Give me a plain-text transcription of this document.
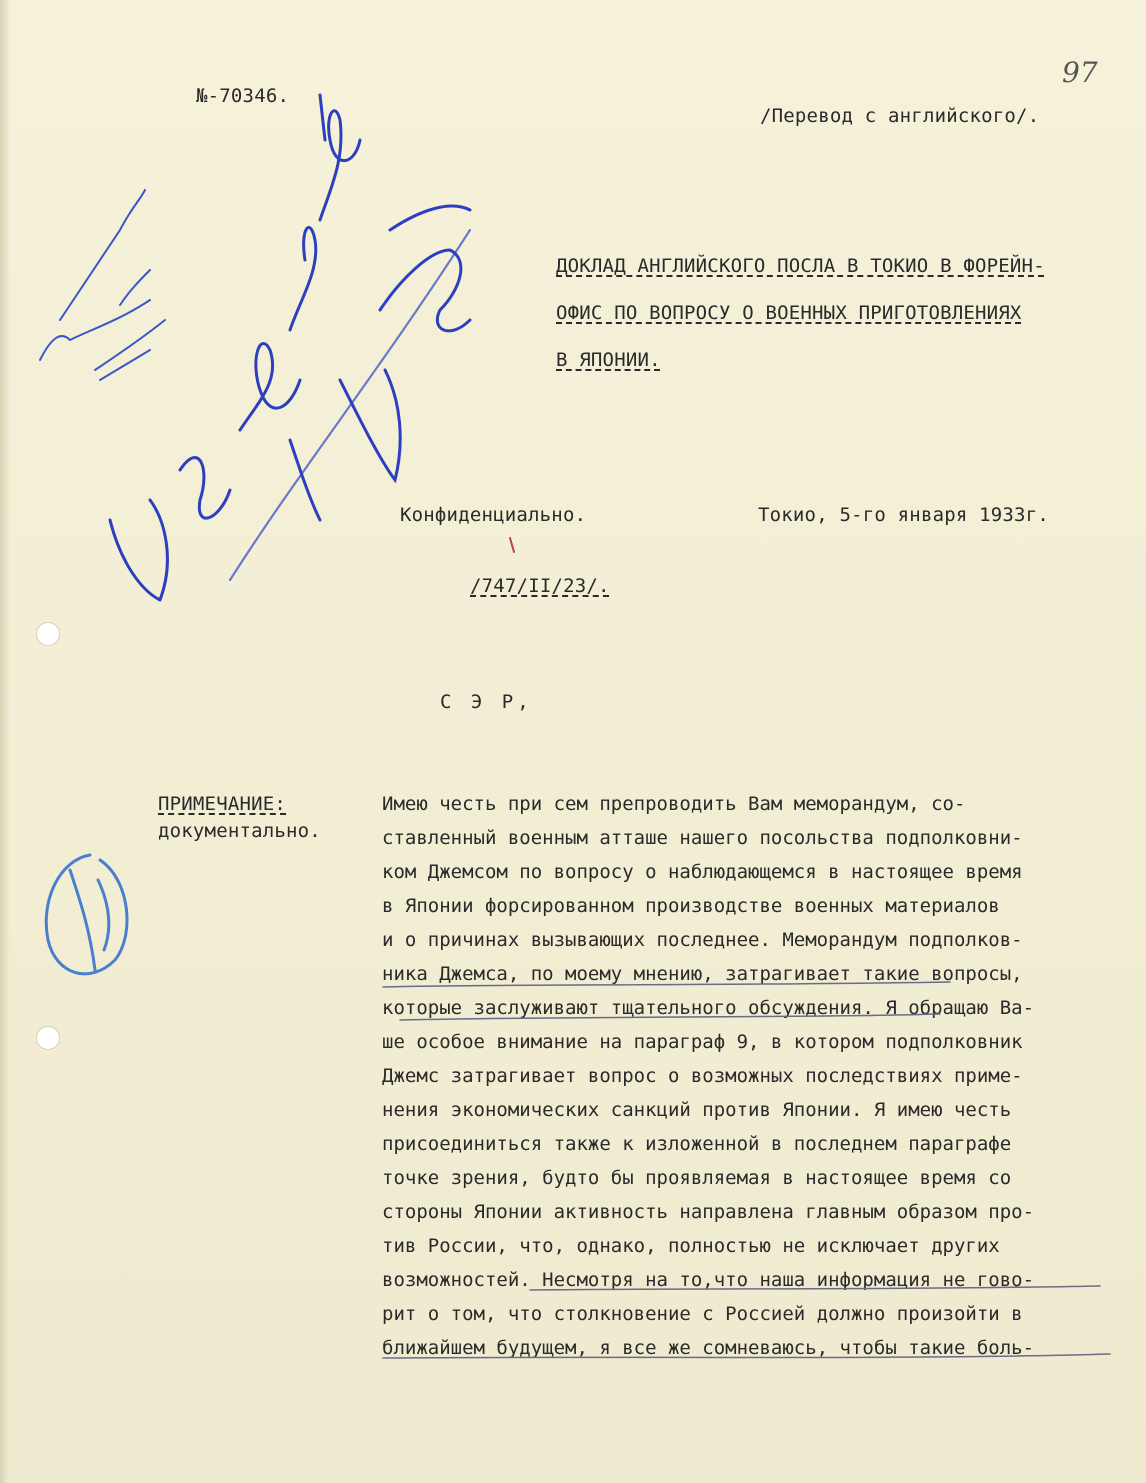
97
№-70346.
/Перевод с английского/.
ДОКЛАД АНГЛИЙСКОГО ПОСЛА В ТОКИО В ФОРЕЙН-
ОФИС ПО ВОПРОСУ О ВОЕННЫХ ПРИГОТОВЛЕНИЯХ
В ЯПОНИИ.
Конфиденциально.	Токио, 5-го января 1933г.
/747/II/23/.
С Э Р,
ПРИМЕЧАНИЕ:
документально.
Имею честь при сем препроводить Вам меморандум, со-
ставленный военным атташе нашего посольства подполковни-
ком Джемсом по вопросу о наблюдающемся в настоящее время
в Японии форсированном производстве военных материалов
и о причинах вызывающих последнее. Меморандум подполков-
ника Джемса, по моему мнению, затрагивает такие вопросы,
которые заслуживают тщательного обсуждения. Я обращаю Ва-
ше особое внимание на параграф 9, в котором подполковник
Джемс затрагивает вопрос о возможных последствиях приме-
нения экономических санкций против Японии. Я имею честь
присоединиться также к изложенной в последнем параграфе
точке зрения, будто бы проявляемая в настоящее время со
стороны Японии активность направлена главным образом про-
тив России, что, однако, полностью не исключает других
возможностей. Несмотря на то,что наша информация не гово-
рит о том, что столкновение с Россией должно произойти в
ближайшем будущем, я все же сомневаюсь, чтобы такие боль-
